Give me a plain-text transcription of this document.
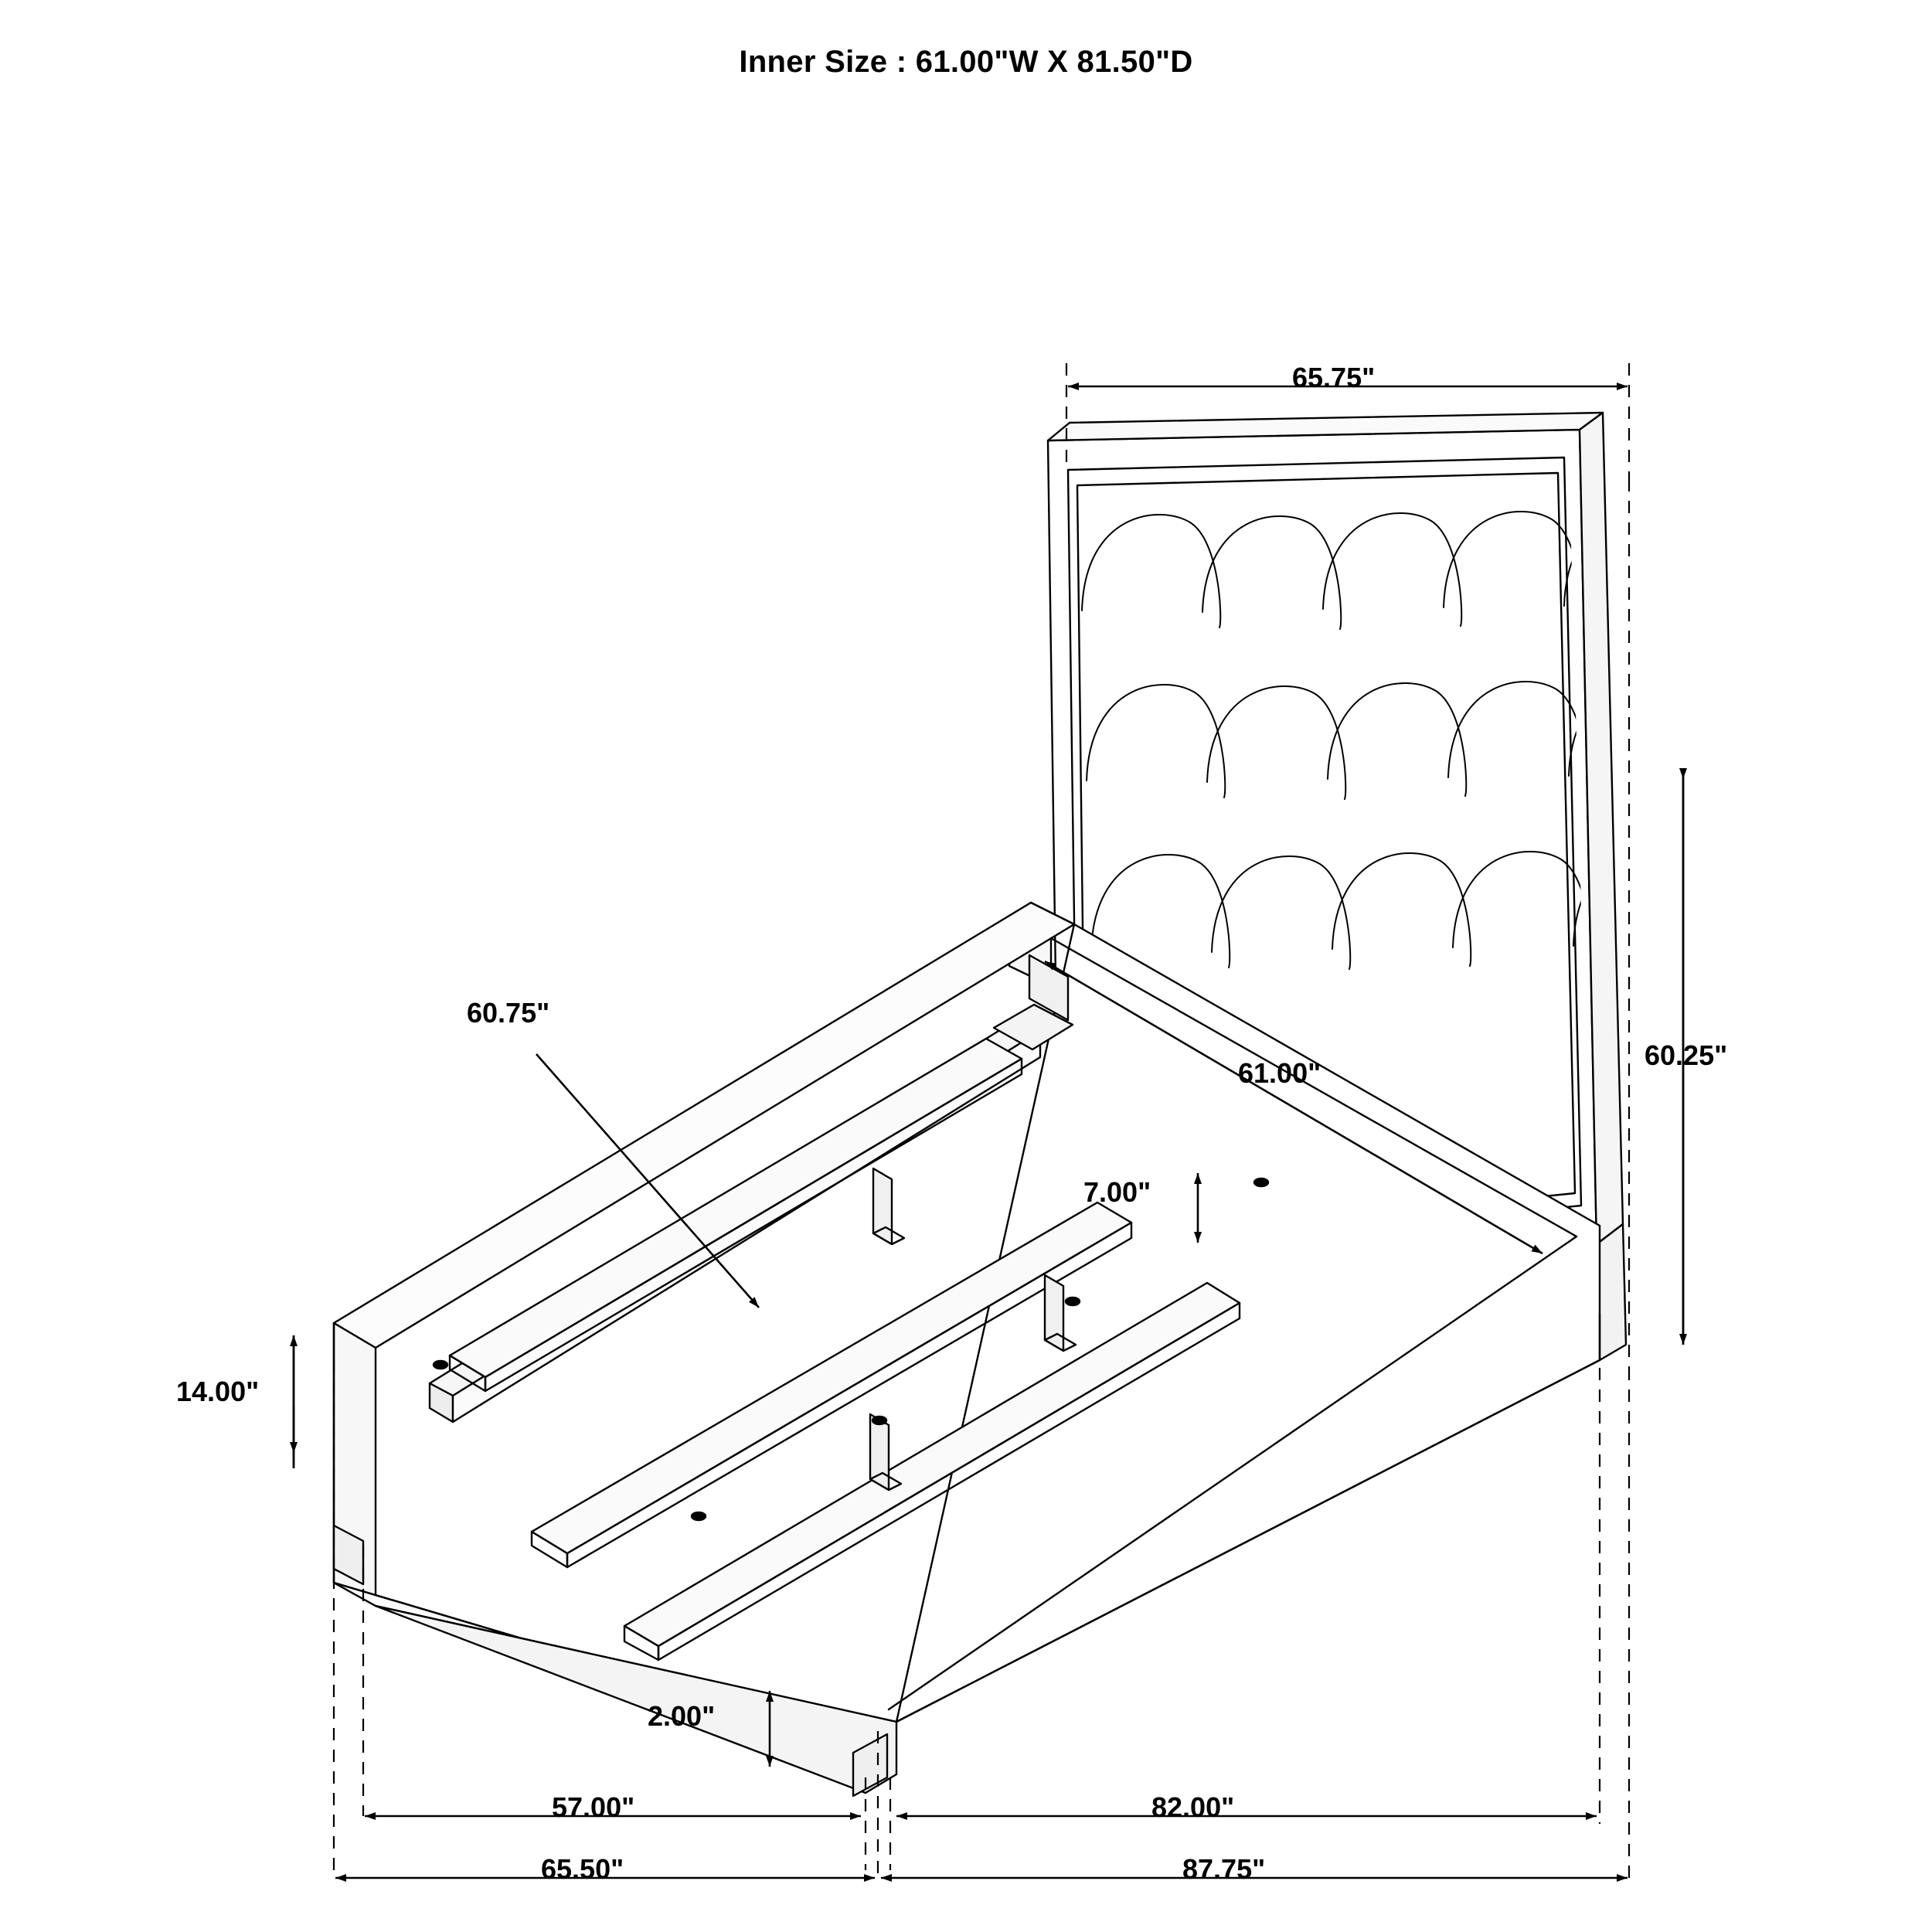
Inner Size : 61.00"W X 81.50"D
65.75"
60.25"
61.00"
60.75"
7.00"
14.00"
2.00"
57.00"	82.00"
65.50"	87.75"
